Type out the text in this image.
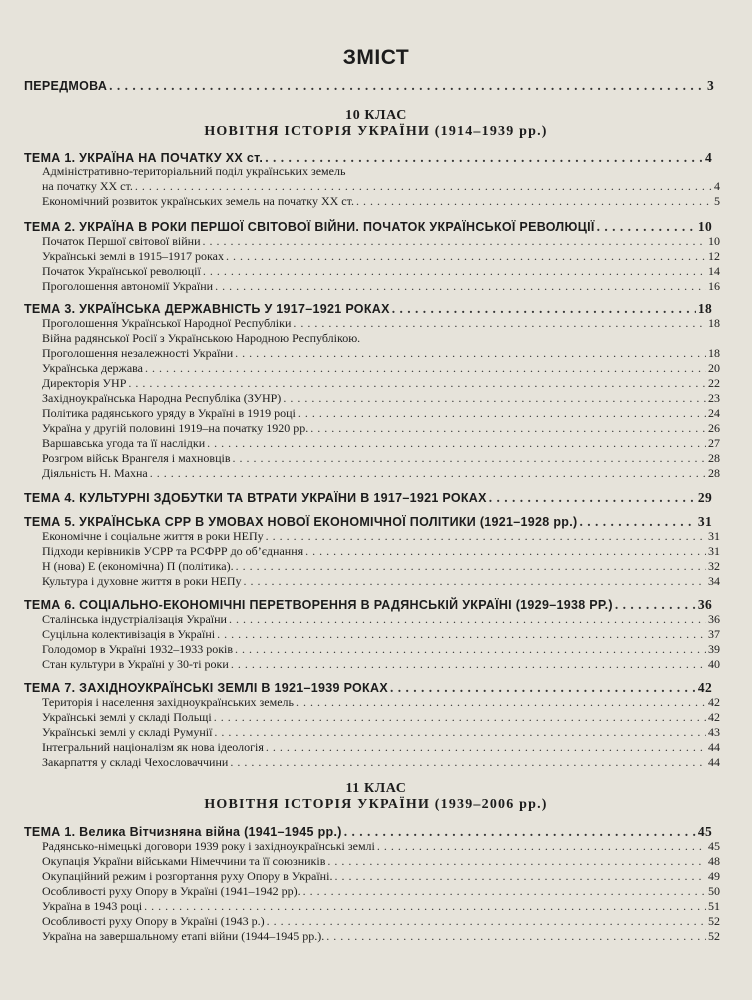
ЗМІСТ
ПЕРЕДМОВА . . .	3
10 КЛАС
НОВІТНЯ ІСТОРІЯ УКРАЇНИ (1914–1939 рр.)
ТЕМА 1. УКРАЇНА НА ПОЧАТКУ ХХ ст. . . .	4
Адміністративно-територіальний поділ українських земель
на початку ХХ ст. . . .	4
Економічний розвиток українських земель на початку ХХ ст. . . .	5
ТЕМА 2. УКРАЇНА В РОКИ ПЕРШОЇ СВІТОВОЇ ВІЙНИ. ПОЧАТОК УКРАЇНСЬКОЇ РЕВОЛЮЦІЇ . . .	10
Початок Першої світової війни . . .	10
Українські землі в 1915–1917 роках . . .	12
Початок Української революції . . .	14
Проголошення автономії України . . .	16
ТЕМА 3. УКРАЇНСЬКА ДЕРЖАВНІСТЬ У 1917–1921 РОКАХ . . .	18
Проголошення Української Народної Республіки . . .	18
Війна радянської Росії з Українською Народною Республікою.
Проголошення незалежності України . . .	18
Українська держава . . .	20
Директорія УНР . . .	22
Західноукраїнська Народна Республіка (ЗУНР) . . .	23
Політика радянського уряду в Україні в 1919 році . . .	24
Україна у другій половині 1919–на початку 1920 рр. . . .	26
Варшавська угода та її наслідки . . .	27
Розгром військ Врангеля і махновців . . .	28
Діяльність Н. Махна . . .	28
ТЕМА 4. КУЛЬТУРНІ ЗДОБУТКИ ТА ВТРАТИ УКРАЇНИ В 1917–1921 РОКАХ . . .	29
ТЕМА 5. УКРАЇНСЬКА СРР В УМОВАХ НОВОЇ ЕКОНОМІЧНОЇ ПОЛІТИКИ (1921–1928 рр.) . . .	31
Економічне і соціальне життя в роки НЕПу . . .	31
Підходи керівників УСРР та РСФРР до об’єднання . . .	31
Н (нова) Е (економічна) П (політика). . . .	32
Культура і духовне життя в роки НЕПу . . .	34
ТЕМА 6. СОЦІАЛЬНО-ЕКОНОМІЧНІ ПЕРЕТВОРЕННЯ В РАДЯНСЬКІЙ УКРАЇНІ (1929–1938 РР.) . . .	36
Сталінська індустріалізація України . . .	36
Суцільна колективізація в Україні . . .	37
Голодомор в Україні 1932–1933 років . . .	39
Стан культури в Україні у 30-ті роки . . .	40
ТЕМА 7. ЗАХІДНОУКРАЇНСЬКІ ЗЕМЛІ В 1921–1939 РОКАХ . . .	42
Територія і населення західноукраїнських земель . . .	42
Українські землі у складі Польщі . . .	42
Українські землі у складі Румунії . . .	43
Інтегральний націоналізм як нова ідеологія . . .	44
Закарпаття у складі Чехословаччини . . .	44
11 КЛАС
НОВІТНЯ ІСТОРІЯ УКРАЇНИ (1939–2006 рр.)
ТЕМА 1. Велика Вітчизняна війна (1941–1945 рр.) . . .	45
Радянсько-німецькі договори 1939 року і західноукраїнські землі . . .	45
Окупація України військами Німеччини та її союзників . . .	48
Окупаційний режим і розгортання руху Опору в Україні. . . .	49
Особливості руху Опору в Україні (1941–1942 рр). . . .	50
Україна в 1943 році . . .	51
Особливості руху Опору в Україні (1943 р.) . . .	52
Україна на завершальному етапі війни (1944–1945 рр.). . . .	52
